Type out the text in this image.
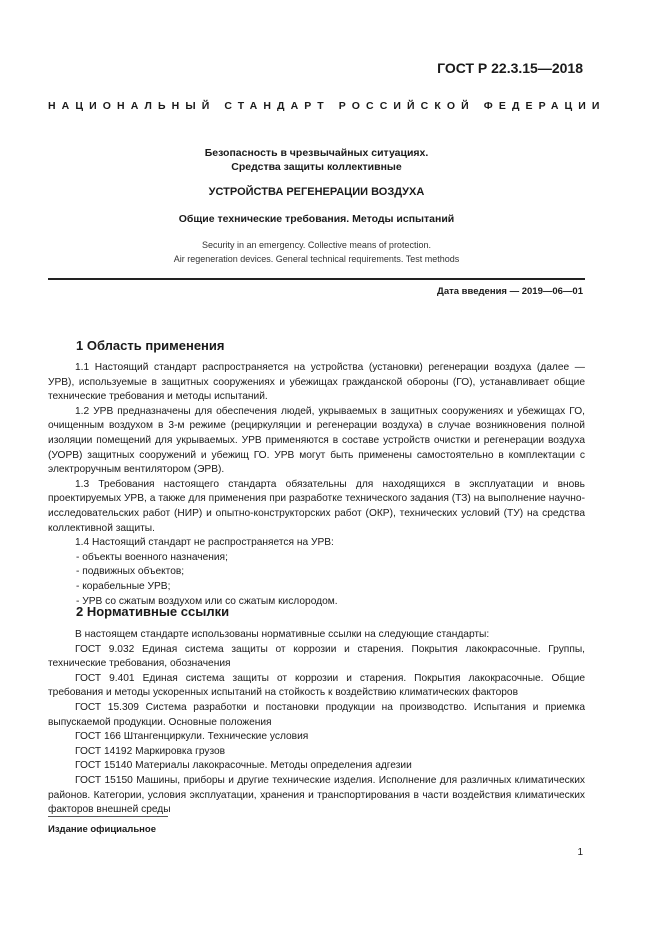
ГОСТ Р 22.3.15—2018
НАЦИОНАЛЬНЫЙ СТАНДАРТ РОССИЙСКОЙ ФЕДЕРАЦИИ
Безопасность в чрезвычайных ситуациях.
Средства защиты коллективные
УСТРОЙСТВА РЕГЕНЕРАЦИИ ВОЗДУХА
Общие технические требования. Методы испытаний
Security in an emergency. Collective means of protection.
Air regeneration devices. General technical requirements. Test methods
Дата введения — 2019—06—01
1 Область применения

1.1 Настоящий стандарт распространяется на устройства (установки) регенерации воздуха (далее — УРВ), используемые в защитных сооружениях и убежищах гражданской обороны (ГО), устанавливает общие технические требования и методы испытаний.

1.2 УРВ предназначены для обеспечения людей, укрываемых в защитных сооружениях и убежищах ГО, очищенным воздухом в 3-м режиме (рециркуляции и регенерации воздуха) в случае возникновения полной изоляции помещений для укрываемых. УРВ применяются в составе устройств очистки и регенерации воздуха (УОРВ) защитных сооружений и убежищ ГО. УРВ могут быть применены самостоятельно в комплектации с электроручным вентилятором (ЭРВ).

1.3 Требования настоящего стандарта обязательны для находящихся в эксплуатации и вновь проектируемых УРВ, а также для применения при разработке технического задания (ТЗ) на выполнение научно-исследовательских работ (НИР) и опытно-конструкторских работ (ОКР), технических условий (ТУ) на средства коллективной защиты.

1.4 Настоящий стандарт не распространяется на УРВ:

- объекты военного назначения;

- подвижных объектов;

- корабельные УРВ;

- УРВ со сжатым воздухом или со сжатым кислородом.

2 Нормативные ссылки

В настоящем стандарте использованы нормативные ссылки на следующие стандарты:

ГОСТ 9.032 Единая система защиты от коррозии и старения. Покрытия лакокрасочные. Группы, технические требования, обозначения

ГОСТ 9.401 Единая система защиты от коррозии и старения. Покрытия лакокрасочные. Общие требования и методы ускоренных испытаний на стойкость к воздействию климатических факторов

ГОСТ 15.309 Система разработки и постановки продукции на производство. Испытания и приемка выпускаемой продукции. Основные положения

ГОСТ 166 Штангенциркули. Технические условия

ГОСТ 14192 Маркировка грузов

ГОСТ 15140 Материалы лакокрасочные. Методы определения адгезии

ГОСТ 15150 Машины, приборы и другие технические изделия. Исполнение для различных климатических районов. Категории, условия эксплуатации, хранения и транспортирования в части воздействия климатических факторов внешней среды

Издание официальное
1
